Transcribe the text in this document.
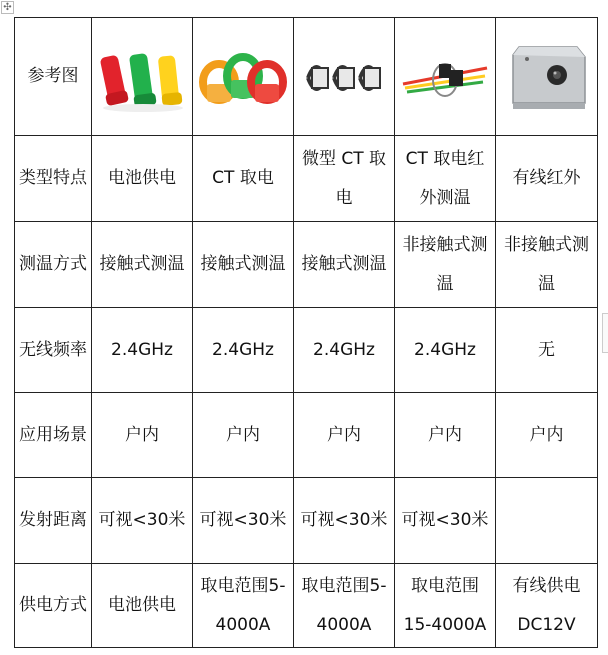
✣
参考图

类型特点	电池供电	CT 取电	微型 CT 取电	CT 取电红外测温	有线红外

测温方式	接触式测温	接触式测温	接触式测温	非接触式测温	非接触式测温

无线频率	2.4GHz	2.4GHz	2.4GHz	2.4GHz	无

应用场景	户内	户内	户内	户内	户内

发射距离	可视<30米	可视<30米	可视<30米	可视<30米	

供电方式	电池供电	取电范围5-4000A	取电范围5-4000A	取电范围15-4000A	有线供电DC12V
